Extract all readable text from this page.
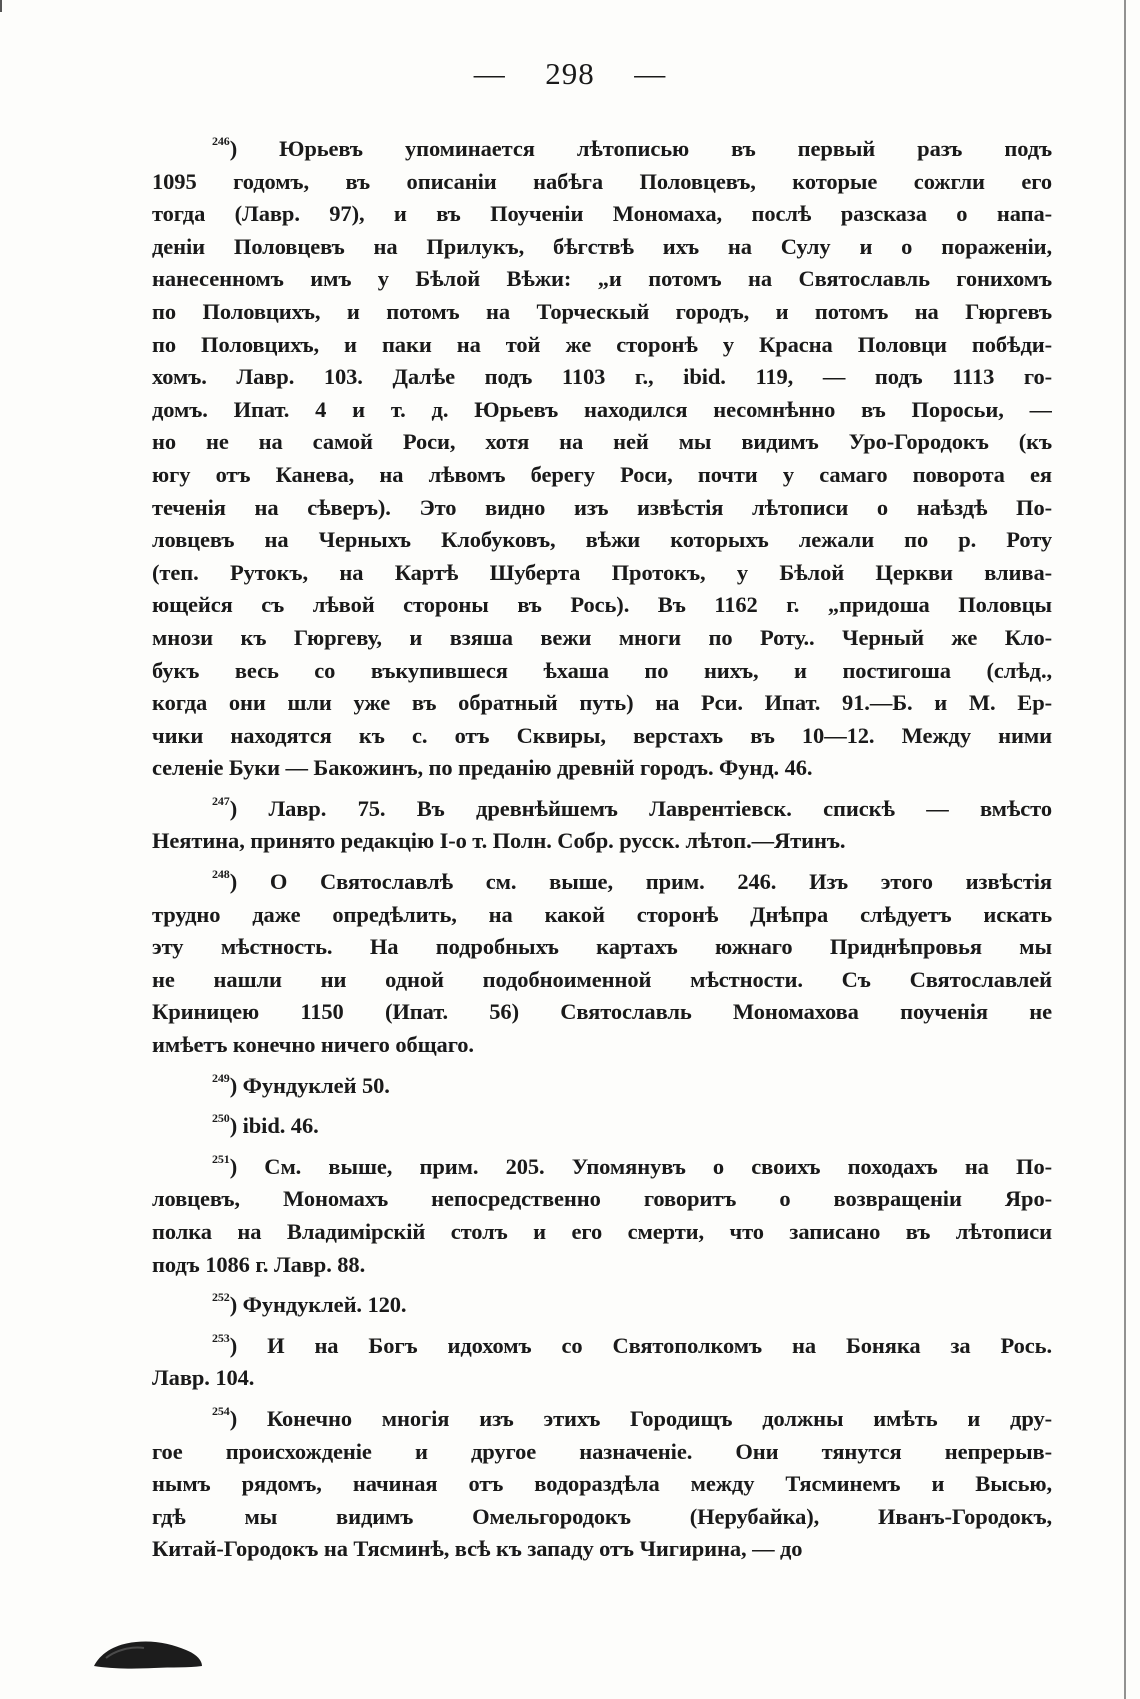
— 298 —
$^{246}$) Юрьевъ упоминается лѣтописью въ первый разъ подъ
1095 годомъ, въ описаніи набѣга Половцевъ, которые сожгли его
тогда (Лавр. 97), и въ Поученіи Мономаха, послѣ разсказа о напа-
деніи Половцевъ на Прилукъ, бѣгствѣ ихъ на Сулу и о пораженіи,
нанесенномъ имъ у Бѣлой Вѣжи: „и потомъ на Святославль гонихомъ
по Половцихъ, и потомъ на Торческый городъ, и потомъ на Гюргевъ
по Половцихъ, и паки на той же сторонѣ у Красна Половци побѣди-
хомъ. Лавр. 103. Далѣе подъ 1103 г., ibid. 119, — подъ 1113 го-
домъ. Ипат. 4 и т. д. Юрьевъ находился несомнѣнно въ Поросьи, —
но не на самой Роси, хотя на ней мы видимъ Уро-Городокъ (къ
югу отъ Канева, на лѣвомъ берегу Роси, почти у самаго поворота ея
теченія на сѣверъ). Это видно изъ извѣстія лѣтописи о наѣздѣ По-
ловцевъ на Черныхъ Клобуковъ, вѣжи которыхъ лежали по р. Роту
(теп. Рутокъ, на Картѣ Шуберта Протокъ, у Бѣлой Церкви влива-
ющейся съ лѣвой стороны въ Рось). Въ 1162 г. „придоша Половцы
мнози къ Гюргеву, и взяша вежи многи по Роту.. Черный же Кло-
букъ весь со въкупившеся ѣхаша по нихъ, и постигоша (слѣд.,
когда они шли уже въ обратный путь) на Рси. Ипат. 91.—Б. и М. Ер-
чики находятся къ с. отъ Сквиры, верстахъ въ 10—12. Между ними
селеніе Буки — Бакожинъ, по преданію древній городъ. Фунд. 46.
$^{247}$) Лавр. 75. Въ древнѣйшемъ Лаврентіевск. спискѣ — вмѣсто
Неятина, принято редакцію І-о т. Полн. Собр. русск. лѣтоп.—Ятинъ.
$^{248}$) О Святославлѣ см. выше, прим. 246. Изъ этого извѣстія
трудно даже опредѣлить, на какой сторонѣ Днѣпра слѣдуетъ искать
эту мѣстность. На подробныхъ картахъ южнаго Приднѣпровья мы
не нашли ни одной подобноименной мѣстности. Съ Святославлей
Криницею 1150 (Ипат. 56) Святославль Мономахова поученія не
имѣетъ конечно ничего общаго.
$^{249}$) Фундуклей 50.
$^{250}$) ibid. 46.
$^{251}$) См. выше, прим. 205. Упомянувъ о своихъ походахъ на По-
ловцевъ, Мономахъ непосредственно говоритъ о возвращеніи Яро-
полка на Владимірскій столъ и его смерти, что записано въ лѣтописи
подъ 1086 г. Лавр. 88.
$^{252}$) Фундуклей. 120.
$^{253}$) И на Богъ идохомъ со Святополкомъ на Боняка за Рось.
Лавр. 104.
$^{254}$) Конечно многія изъ этихъ Городищъ должны имѣть и дру-
гое происхожденіе и другое назначеніе. Они тянутся непрерыв-
нымъ рядомъ, начиная отъ водораздѣла между Тясминемъ и Высью,
гдѣ мы видимъ Омельгородокъ (Нерубайка), Иванъ-Городокъ,
Китай-Городокъ на Тясминѣ, всѣ къ западу отъ Чигирина, — до
